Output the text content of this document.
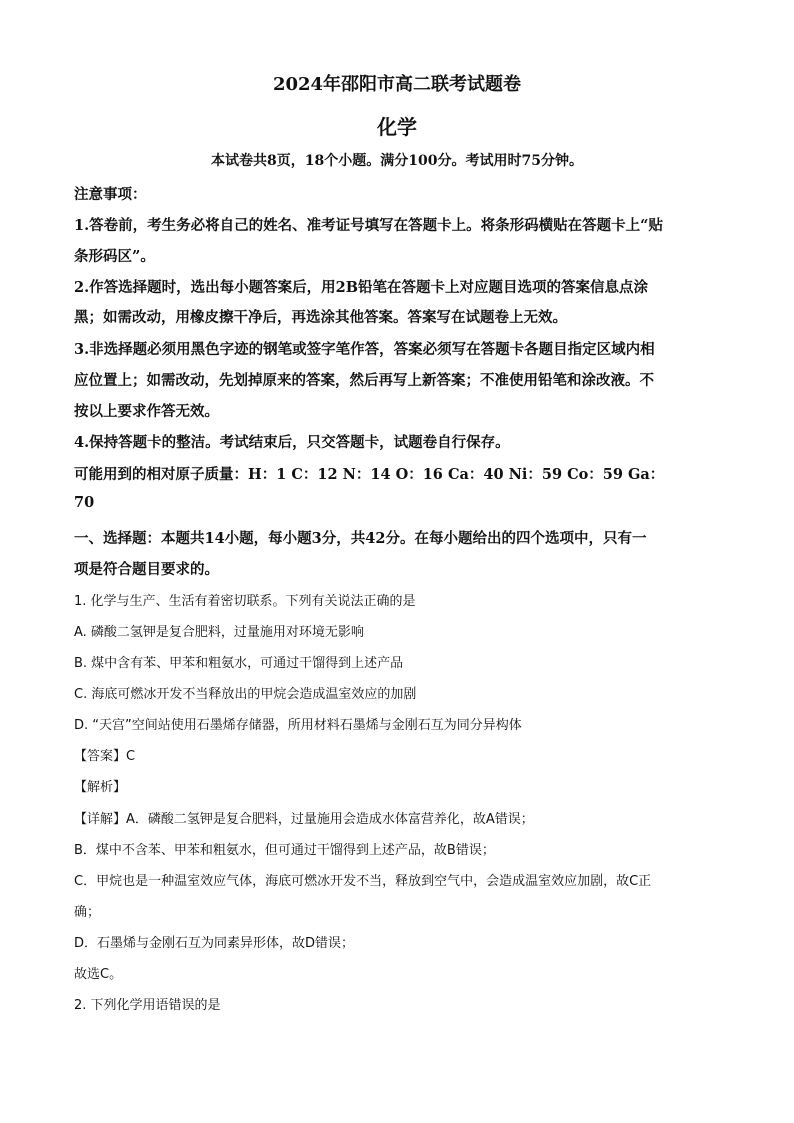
2024年邵阳市高二联考试题卷
化学
本试卷共8页，18个小题。满分100分。考试用时75分钟。
注意事项：
1.答卷前，考生务必将自己的姓名、准考证号填写在答题卡上。将条形码横贴在答题卡上“贴
条形码区”。
2.作答选择题时，选出每小题答案后，用2B铅笔在答题卡上对应题目选项的答案信息点涂
黑；如需改动，用橡皮擦干净后，再选涂其他答案。答案写在试题卷上无效。
3.非选择题必须用黑色字迹的钢笔或签字笔作答，答案必须写在答题卡各题目指定区域内相
应位置上；如需改动，先划掉原来的答案，然后再写上新答案；不准使用铅笔和涂改液。不
按以上要求作答无效。
4.保持答题卡的整洁。考试结束后，只交答题卡，试题卷自行保存。
可能用到的相对原子质量：H：1 C：12 N：14 O：16 Ca：40 Ni：59 Co：59 Ga：
70
一、选择题：本题共14小题，每小题3分，共42分。在每小题给出的四个选项中，只有一
项是符合题目要求的。
1. 化学与生产、生活有着密切联系。下列有关说法正确的是
A. 磷酸二氢钾是复合肥料，过量施用对环境无影响
B. 煤中含有苯、甲苯和粗氨水，可通过干馏得到上述产品
C. 海底可燃冰开发不当释放出的甲烷会造成温室效应的加剧
D. “天宫”空间站使用石墨烯存储器，所用材料石墨烯与金刚石互为同分异构体
【答案】C
【解析】
【详解】A．磷酸二氢钾是复合肥料，过量施用会造成水体富营养化，故A错误；
B．煤中不含苯、甲苯和粗氨水，但可通过干馏得到上述产品，故B错误；
C．甲烷也是一种温室效应气体，海底可燃冰开发不当，释放到空气中，会造成温室效应加剧，故C正
确；
D．石墨烯与金刚石互为同素异形体，故D错误；
故选C。
2. 下列化学用语错误的是
